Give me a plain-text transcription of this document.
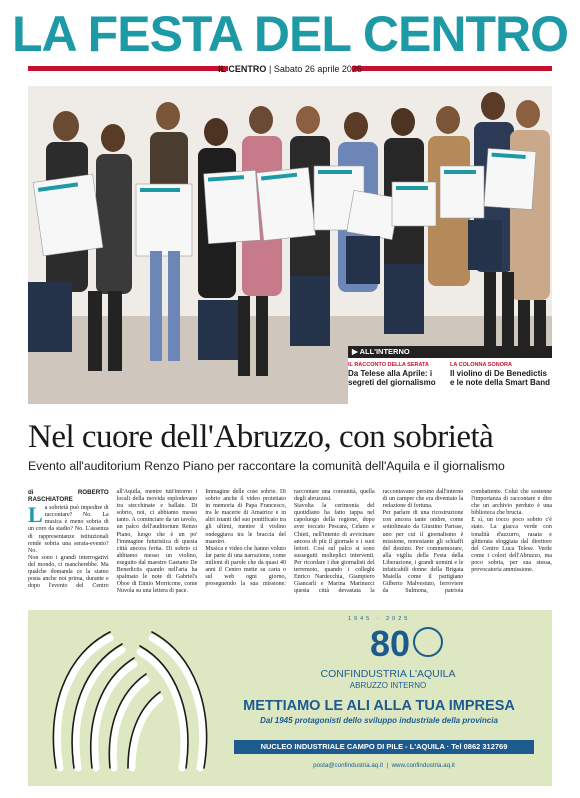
LA FESTA DEL CENTRO
IL CENTRO | Sabato 26 aprile 2025
▶ ALL'INTERNO
IL RACCONTO DELLA SERATA
Da Telese alla Aprile: i segreti del giornalismo
LA COLONNA SONORA
Il violino di De Benedictis e le note della Smart Band
Nel cuore dell'Abruzzo, con sobrietà

Evento all'auditorium Renzo Piano per raccontare la comunità dell'Aquila e il giornalismo

di ROBERTO RASCHIATORE

La sobrietà può impedire di raccontare? No. La musica è meno sobria di un coro da stadio? No. L'assenza di rappresentanze istituzionali rende sobria una serata-evento? No.

Non sono i grandi interrogativi del mondo, ci mancherebbe. Ma qualche domanda ce la siamo posta anche noi prima, durante e dopo l'evento del Centro all'Aquila, mentre tutt'intorno i locali della movida esplodevano tra stecchinate e ballate. Di sobrio, noi, ci abbiamo messo tanto. A cominciare da un tavolo, un palco dell'auditorium Renzo Piano, luogo che è un po' l'immagine futuristica di questa città ancora ferita. Di sobrio ci abbiamo messo un violino, eseguito dal maestro Gaetano De Benedictis quando nell'aria ha spalmato le note di Gabriel's Oboe di Ennio Morricone, come Nuvola su una lettera di pace.

Immagine delle cose sobrie. Di sobrio anche il video proiettato in memoria di Papa Francesco, tra le macerie di Amatrice e in altri istanti del suo pontificato tra gli ultimi, mentre il violino ondeggiava tra le braccia del maestro.

Musica e video che hanno voluto far parte di una narrazione, come milioni di parole che da quasi 40 anni il Centro mette su carta o sul web ogni giorno, proseguendo la sua missione: raccontare una comunità, quella degli abruzzesi.

Stavolta la cerimonia del quotidiano ha fatto tappa nel capoluogo della regione, dopo aver toccato Pescara, Celano e Chieti, nell'intento di avvicinare ancora di più il giornale e i suoi lettori. Così sul palco si sono susseguiti molteplici interventi. Per ricordare i due giornalisti del terremoto, quando i colleghi Enrico Nardecchia, Giampiero Giancarli e Marina Marinucci questa città devastata la raccontavano persino dall'interno di un camper che era diventato la redazione di fortuna.

Per parlare di una ricostruzione con ancora tante ombre, come sottolineato da Giustino Parisse, uno per cui il giornalismo è missione, nonostante gli schiaffi del destino. Per commemorare, alla vigilia della Festa della Liberazione, i grandi uomini e le infaticabili donne della Brigata Maiella come il partigiano Gilberto Malvestuto, ferroviere da Sulmona, patriota combattente. Colui che sostenne l'importanza di raccontare e dire che un archivio perduto è una biblioteca che brucia.

E sì, un tocco poco sobrio c'è stato. La giacca verde con tonalità d'azzurro, rasata e glitterata sfoggiata dal direttore del Centro Luca Telese. Verde come i colori dell'Abruzzo, ma poco sobria, per sua stessa, provocatoria ammissione.

1945 · 2025
80
CONFINDUSTRIA L'AQUILA
ABRUZZO INTERNO
METTIAMO LE ALI ALLA TUA IMPRESA
Dal 1945 protagonisti dello sviluppo industriale della provincia
NUCLEO INDUSTRIALE CAMPO DI PILE - L'AQUILA · Tel 0862 312769
posta@confindustria.aq.it  |  www.confindustria.aq.it
